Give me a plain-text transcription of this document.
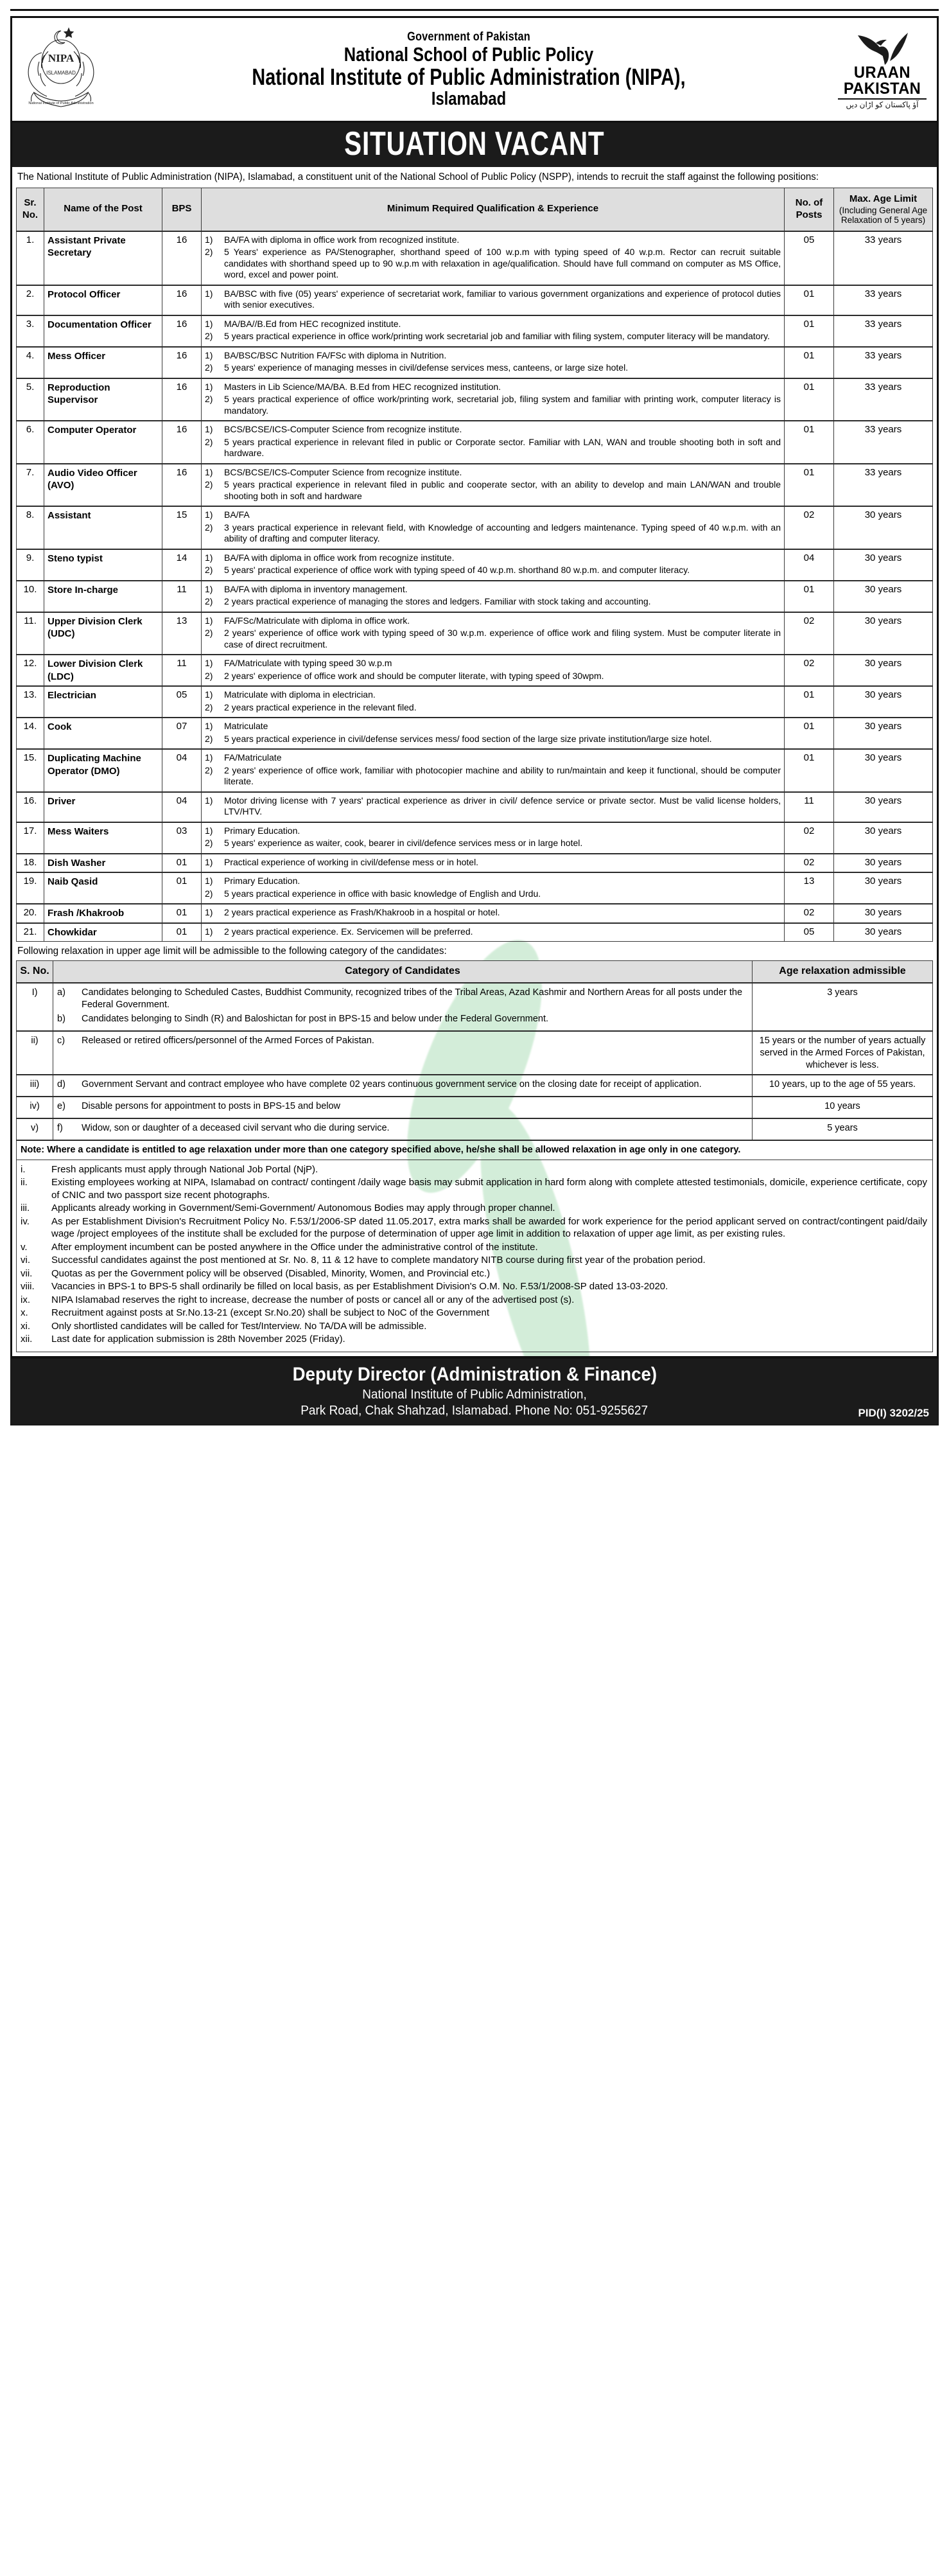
NIPA
ISLAMABAD
National Institute of Public Administration
Government of Pakistan
National School of Public Policy
National Institute of Public Administration (NIPA),
Islamabad
URAAN
PAKISTAN
آؤ پاکستان کو اڑان دیں
SITUATION VACANT
The National Institute of Public Administration (NIPA), Islamabad, a constituent unit of the National School of Public Policy (NSPP), intends to recruit the staff against the following positions:
Sr. No.	Name of the Post	BPS	Minimum Required Qualification & Experience	No. of Posts	Max. Age Limit
(Including General Age Relaxation of 5 years)

1.	Assistant Private Secretary
	16	1)	BA/FA with diploma in office work from recognized institute.
2)	5 Years' experience as PA/Stenographer, shorthand speed of 100 w.p.m with typing speed of 40 w.p.m. Rector can recruit suitable candidates with shorthand speed up to 90 w.p.m with relaxation in age/qualification. Should have full command on computer as MS Office, word, excel and power point.
	05	33 years
2.	Protocol Officer	16	1)	BA/BSC with five (05) years' experience of secretariat work, familiar to various government organizations and experience of protocol duties with senior executives.
	01	33 years
3.	Documentation Officer	16	1)	MA/BA//B.Ed from HEC recognized institute.
2)	5 years practical experience in office work/printing work secretarial job and familiar with filing system, computer literacy will be mandatory.
	01	33 years
4.	Mess Officer	16	1)	BA/BSC/BSC Nutrition FA/FSc with diploma in Nutrition.
2)	5 years' experience of managing messes in civil/defense services mess, canteens, or large size hotel.
	01	33 years
5.	Reproduction Supervisor
	16	1)	Masters in Lib Science/MA/BA. B.Ed from HEC recognized institution.
2)	5 years practical experience of office work/printing work, secretarial job, filing system and familiar with printing work, computer literacy is mandatory.
	01	33 years
6.	Computer Operator	16	1)	BCS/BCSE/ICS-Computer Science from recognize institute.
2)	5 years practical experience in relevant filed in public or Corporate sector. Familiar with LAN, WAN and trouble shooting both in soft and hardware.
	01	33 years
7.	Audio Video Officer (AVO)
	16	1)	BCS/BCSE/ICS-Computer Science from recognize institute.
2)	5 years practical experience in relevant filed in public and cooperate sector, with an ability to develop and main LAN/WAN and trouble shooting both in soft and hardware
	01	33 years
8.	Assistant	15	1)	BA/FA
2)	3 years practical experience in relevant field, with Knowledge of accounting and ledgers maintenance. Typing speed of 40 w.p.m. with an ability of drafting and computer literacy.
	02	30 years
9.	Steno typist	14	1)	BA/FA with diploma in office work from recognize institute.
2)	5 years' practical experience of office work with typing speed of 40 w.p.m. shorthand 80 w.p.m. and computer literacy.
	04	30 years
10.	Store In-charge	11	1)	BA/FA with diploma in inventory management.
2)	2 years practical experience of managing the stores and ledgers. Familiar with stock taking and accounting.
	01	30 years
11.	Upper Division Clerk (UDC)
	13	1)	FA/FSc/Matriculate with diploma in office work.
2)	2 years' experience of office work with typing speed of 30 w.p.m. experience of office work and filing system. Must be computer literate in case of direct recruitment.
	02	30 years
12.	Lower Division Clerk (LDC)
	11	1)	FA/Matriculate with typing speed 30 w.p.m
2)	2 years' experience of office work and should be computer literate, with typing speed of 30wpm.
	02	30 years
13.	Electrician	05	1)	Matriculate with diploma in electrician.
2)	2 years practical experience in the relevant filed.
	01	30 years
14.	Cook	07	1)	Matriculate
2)	5 years practical experience in civil/defense services mess/ food section of the large size private institution/large size hotel.
	01	30 years
15.	Duplicating Machine Operator (DMO)
	04	1)	FA/Matriculate
2)	2 years' experience of office work, familiar with photocopier machine and ability to run/maintain and keep it functional, should be computer literate.
	01	30 years
16.	Driver	04	1)	Motor driving license with 7 years' practical experience as driver in civil/ defence service or private sector. Must be valid license holders, LTV/HTV.
	11	30 years
17.	Mess Waiters	03	1)	Primary Education.
2)	5 years' experience as waiter, cook, bearer in civil/defence services mess or in large hotel.
	02	30 years
18.	Dish Washer	01	1)	Practical experience of working in civil/defense mess or in hotel.	02	30 years
19.	Naib Qasid	01	1)	Primary Education.
2)	5 years practical experience in office with basic knowledge of English and Urdu.
	13	30 years
20.	Frash /Khakroob	01	1)	2 years practical experience as Frash/Khakroob in a hospital or hotel.	02	30 years
21.	Chowkidar	01	1)	2 years practical experience. Ex. Servicemen will be preferred.	05	30 years
Following relaxation in upper age limit will be admissible to the following category of the candidates:
S. No.	Category of Candidates	Age relaxation admissible
I)	a) Candidates belonging to Scheduled Castes, Buddhist Community, recognized tribes of the Tribal Areas, Azad Kashmir and Northern Areas for all posts under the Federal Government.
b) Candidates belonging to Sindh (R) and Baloshictan for post in BPS-15 and below under the Federal Government.	3 years
ii)	c) Released or retired officers/personnel of the Armed Forces of Pakistan.	15 years or the number of years actually served in the Armed Forces of Pakistan, whichever is less.
iii)	d) Government Servant and contract employee who have complete 02 years continuous government service on the closing date for receipt of application.	10 years, up to the age of 55 years.
iv)	e) Disable persons for appointment to posts in BPS-15 and below	10 years
v)	f) Widow, son or daughter of a deceased civil servant who die during service.	5 years
Note: Where a candidate is entitled to age relaxation under more than one category specified above, he/she shall be allowed relaxation in age only in one category.		
i.	Fresh applicants must apply through National Job Portal (NjP).
ii.	Existing employees working at NIPA, Islamabad on contract/ contingent /daily wage basis may submit application in hard form along with complete attested testimonials, domicile, experience certificate, copy of CNIC and two passport size recent photographs.
iii.	Applicants already working in Government/Semi-Government/ Autonomous Bodies may apply through proper channel.
iv.	As per Establishment Division's Recruitment Policy No. F.53/1/2006-SP dated 11.05.2017, extra marks shall be awarded for work experience for the period applicant served on contract/contingent paid/daily wage /project employees of the institute shall be excluded for the purpose of determination of upper age limit in addition to relaxation of upper age limit, as per existing rules.
v.	After employment incumbent can be posted anywhere in the Office under the administrative control of the institute.
vi.	Successful candidates against the post mentioned at Sr. No. 8, 11 & 12 have to complete mandatory NITB course during first year of the probation period.
vii.	Quotas as per the Government policy will be observed (Disabled, Minority, Women, and Provincial etc.)
viii.	Vacancies in BPS-1 to BPS-5 shall ordinarily be filled on local basis, as per Establishment Division's O.M. No. F.53/1/2008-SP dated 13-03-2020.
ix.	NIPA Islamabad reserves the right to increase, decrease the number of posts or cancel all or any of the advertised post (s).
x.	Recruitment against posts at Sr.No.13-21 (except Sr.No.20) shall be subject to NoC of the Government
xi.	Only shortlisted candidates will be called for Test/Interview. No TA/DA will be admissible.
xii.	Last date for application submission is 28th November 2025 (Friday).
Deputy Director (Administration & Finance)
National Institute of Public Administration,
Park Road, Chak Shahzad, Islamabad. Phone No: 051-9255627	PID(I) 3202/25
